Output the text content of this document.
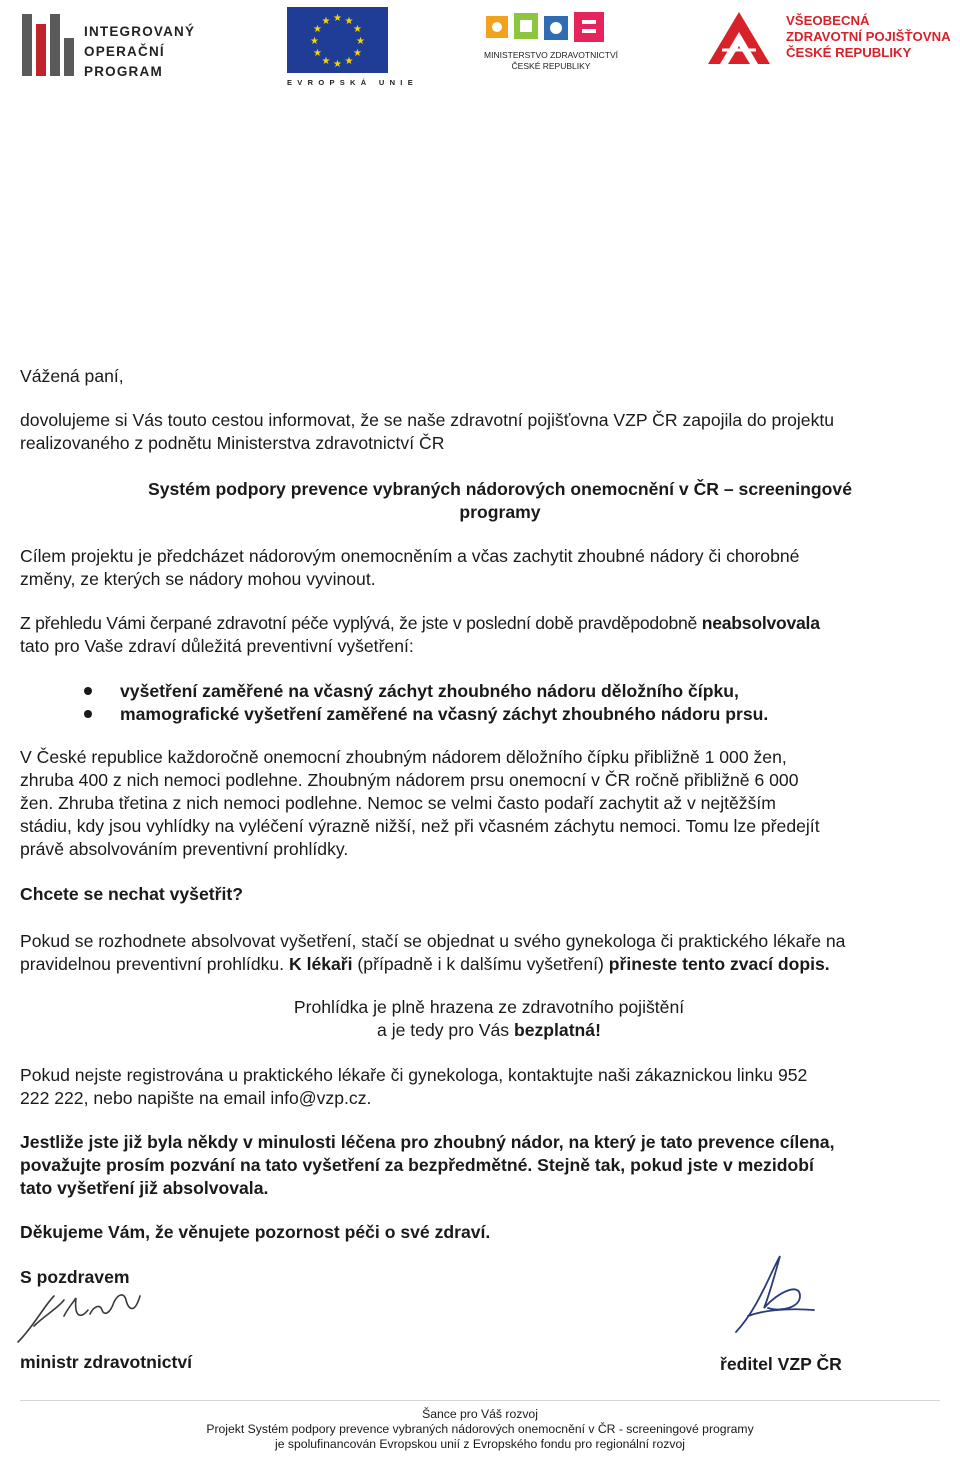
INTEGROVANÝ
OPERAČNÍ
PROGRAM
★ ★
★
★
★
★
★
★
★
★
★
★
EVROPSKÁ UNIE
MINISTERSTVO ZDRAVOTNICTVÍ
ČESKÉ REPUBLIKY
VŠEOBECNÁ
ZDRAVOTNÍ POJIŠŤOVNA
ČESKÉ REPUBLIKY
Vážená paní,
dovolujeme si Vás touto cestou informovat, že se naše zdravotní pojišťovna VZP ČR zapojila do projektu
realizovaného z podnětu Ministerstva zdravotnictví ČR
Systém podpory prevence vybraných nádorových onemocnění v ČR – screeningové
programy
Cílem projektu je předcházet nádorovým onemocněním a včas zachytit zhoubné nádory či chorobné
změny, ze kterých se nádory mohou vyvinout.
Z přehledu Vámi čerpané zdravotní péče vyplývá, že jste v poslední době pravděpodobně neabsolvovala
tato pro Vaše zdraví důležitá preventivní vyšetření:
vyšetření zaměřené na včasný záchyt zhoubného nádoru děložního čípku,
mamografické vyšetření zaměřené na včasný záchyt zhoubného nádoru prsu.
V České republice každoročně onemocní zhoubným nádorem děložního čípku přibližně 1 000 žen,
zhruba 400 z nich nemoci podlehne. Zhoubným nádorem prsu onemocní v ČR ročně přibližně 6 000
žen. Zhruba třetina z nich nemoci podlehne. Nemoc se velmi často podaří zachytit až v nejtěžším
stádiu, kdy jsou vyhlídky na vyléčení výrazně nižší, než při včasném záchytu nemoci. Tomu lze předejít
právě absolvováním preventivní prohlídky.
Chcete se nechat vyšetřit?
Pokud se rozhodnete absolvovat vyšetření, stačí se objednat u svého gynekologa či praktického lékaře na
pravidelnou preventivní prohlídku. K lékaři (případně i k dalšímu vyšetření) přineste tento zvací dopis.
Prohlídka je plně hrazena ze zdravotního pojištění
a je tedy pro Vás bezplatná!
Pokud nejste registrována u praktického lékaře či gynekologa, kontaktujte naši zákaznickou linku 952
222 222, nebo napište na email info@vzp.cz.
Jestliže jste již byla někdy v minulosti léčena pro zhoubný nádor, na který je tato prevence cílena,
považujte prosím pozvání na tato vyšetření za bezpředmětné. Stejně tak, pokud jste v mezidobí
tato vyšetření již absolvovala.
Děkujeme Vám, že věnujete pozornost péči o své zdraví.
S pozdravem
ministr zdravotnictví	ředitel VZP ČR
Šance pro Váš rozvoj
Projekt Systém podpory prevence vybraných nádorových onemocnění v ČR - screeningové programy
je spolufinancován Evropskou unií z Evropského fondu pro regionální rozvoj
